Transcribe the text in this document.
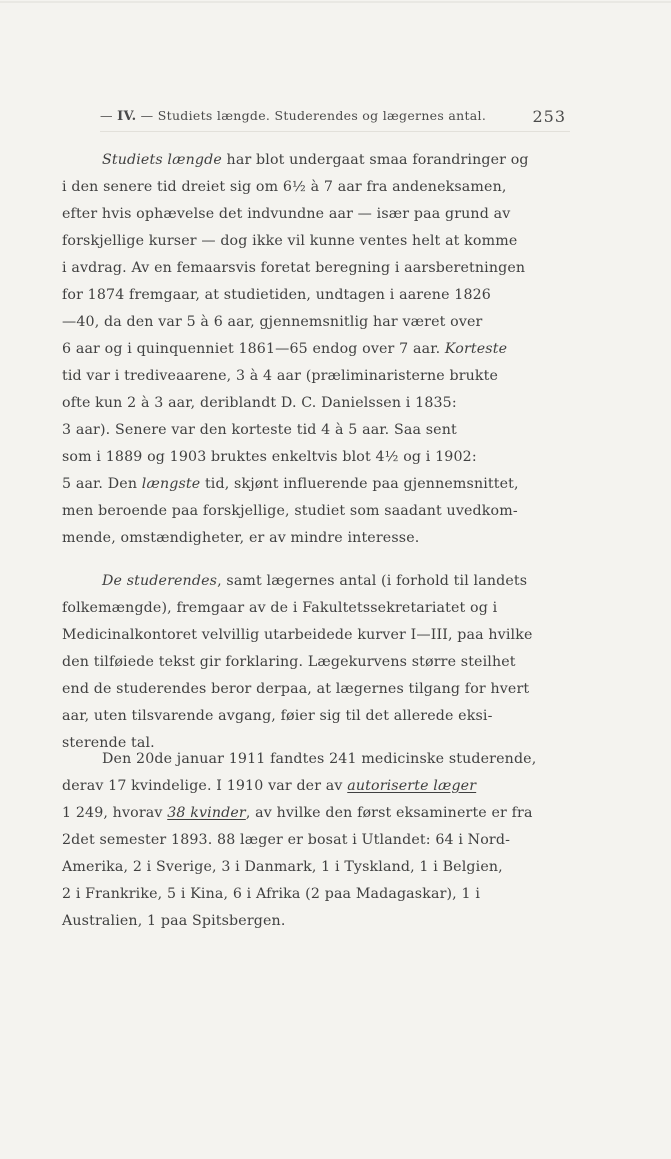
— IV. — Studiets længde. Studerendes og lægernes antal.	253
Studiets længde har blot undergaat smaa forandringer og
i den senere tid dreiet sig om 6½ à 7 aar fra andeneksamen,
efter hvis ophævelse det indvundne aar — især paa grund av
forskjellige kurser — dog ikke vil kunne ventes helt at komme
i avdrag. Av en femaarsvis foretat beregning i aarsberetningen
for 1874 fremgaar, at studietiden, undtagen i aarene 1826
—40, da den var 5 à 6 aar, gjennemsnitlig har været over
6 aar og i quinquenniet 1861—65 endog over 7 aar. Korteste
tid var i trediveaarene, 3 à 4 aar (præliminaristerne brukte
ofte kun 2 à 3 aar, deriblandt D. C. Danielssen i 1835:
3 aar). Senere var den korteste tid 4 à 5 aar. Saa sent
som i 1889 og 1903 bruktes enkeltvis blot 4½ og i 1902:
5 aar. Den længste tid, skjønt influerende paa gjennemsnittet,
men beroende paa forskjellige, studiet som saadant uvedkom-
mende, omstændigheter, er av mindre interesse.
De studerendes, samt lægernes antal (i forhold til landets
folkemængde), fremgaar av de i Fakultetssekretariatet og i
Medicinalkontoret velvillig utarbeidede kurver I—III, paa hvilke
den tilføiede tekst gir forklaring. Lægekurvens større steilhet
end de studerendes beror derpaa, at lægernes tilgang for hvert
aar, uten tilsvarende avgang, føier sig til det allerede eksi-
sterende tal.
Den 20de januar 1911 fandtes 241 medicinske studerende,
derav 17 kvindelige. I 1910 var der av autoriserte læger
1 249, hvorav 38 kvinder, av hvilke den først eksaminerte er fra
2det semester 1893. 88 læger er bosat i Utlandet: 64 i Nord-
Amerika, 2 i Sverige, 3 i Danmark, 1 i Tyskland, 1 i Belgien,
2 i Frankrike, 5 i Kina, 6 i Afrika (2 paa Madagaskar), 1 i
Australien, 1 paa Spitsbergen.
